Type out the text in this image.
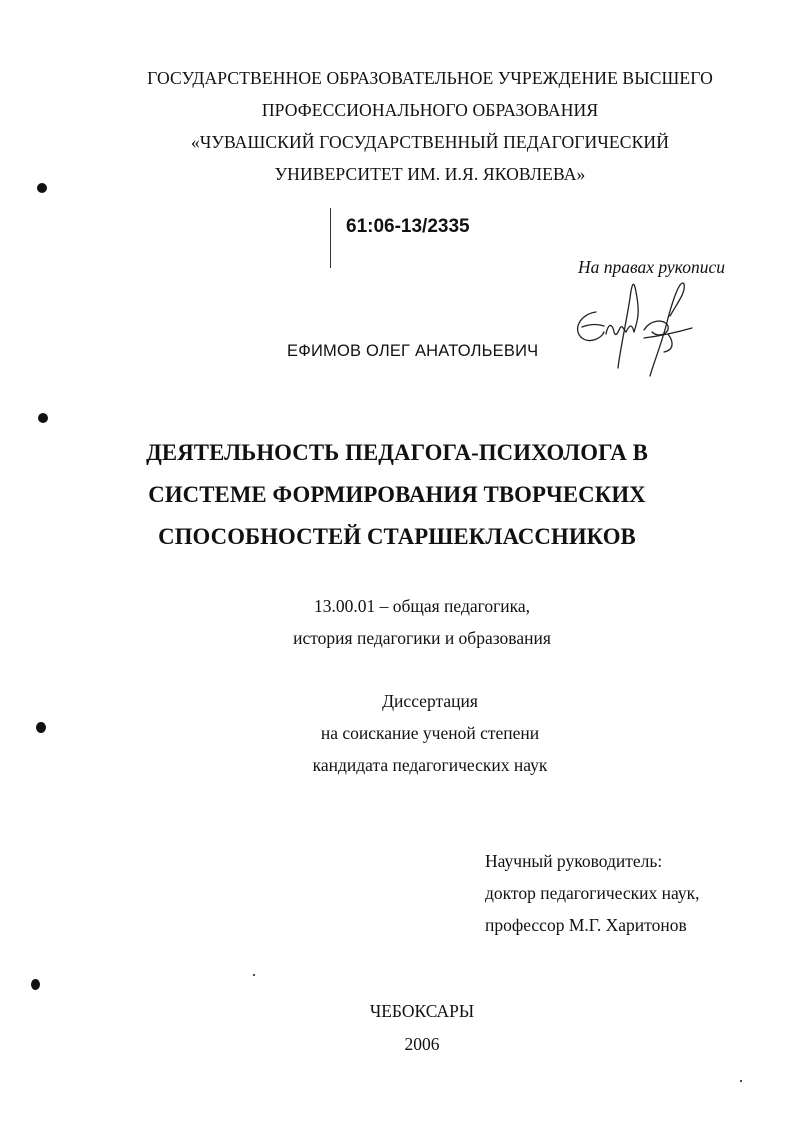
ГОСУДАРСТВЕННОЕ ОБРАЗОВАТЕЛЬНОЕ УЧРЕЖДЕНИЕ ВЫСШЕГО
ПРОФЕССИОНАЛЬНОГО ОБРАЗОВАНИЯ
«ЧУВАШСКИЙ ГОСУДАРСТВЕННЫЙ ПЕДАГОГИЧЕСКИЙ
УНИВЕРСИТЕТ ИМ. И.Я. ЯКОВЛЕВА»
61:06-13/2335
На правах рукописи
ЕФИМОВ ОЛЕГ АНАТОЛЬЕВИЧ
ДЕЯТЕЛЬНОСТЬ ПЕДАГОГА-ПСИХОЛОГА В
СИСТЕМЕ ФОРМИРОВАНИЯ ТВОРЧЕСКИХ
СПОСОБНОСТЕЙ СТАРШЕКЛАССНИКОВ
13.00.01 – общая педагогика,
история педагогики и образования
Диссертация
на соискание ученой степени
кандидата педагогических наук
Научный руководитель:
доктор педагогических наук,
профессор М.Г. Харитонов
ЧЕБОКСАРЫ
2006
